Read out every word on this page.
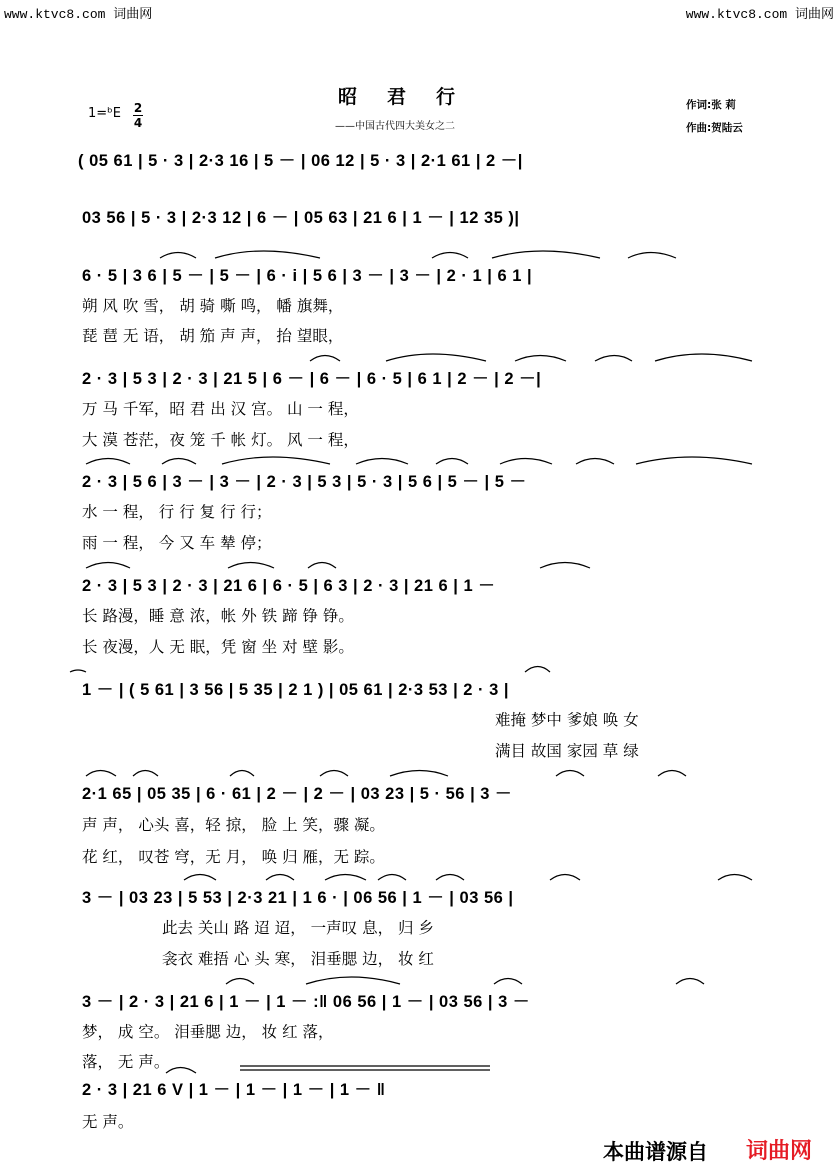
www.ktvc8.com 词曲网	www.ktvc8.com 词曲网
昭君行
——中国古代四大美女之二
作词:张 莉
作曲:贺陆云
1=ᵇE 2
4
( 05 61 | 5 · 3 | 2·3 16 | 5 － | 06 12 | 5 · 3 | 2·1 61 | 2 －|
03 56 | 5 · 3 | 2·3 12 | 6 － | 05 63 | 21 6 | 1 － | 12 35 )|
6 · 5 | 3 6 | 5 － | 5 － | 6 · i | 5 6 | 3 － | 3 － | 2 · 1 | 6 1 |
朔 风 吹 雪， 胡 骑 嘶 鸣， 幡 旗舞，
琵 琶 无 语， 胡 笳 声 声， 抬 望眼，
2 · 3 | 5 3 | 2 · 3 | 21 5 | 6 － | 6 － | 6 · 5 | 6 1 | 2 － | 2 －|
万 马 千军，昭 君 出 汉 宫。 山 一 程，
大 漠 苍茫，夜 笼 千 帐 灯。 风 一 程，
2 · 3 | 5 6 | 3 － | 3 － | 2 · 3 | 5 3 | 5 · 3 | 5 6 | 5 － | 5 －
水 一 程， 行 行 复 行 行；
雨 一 程， 今 又 车 辇 停；
2 · 3 | 5 3 | 2 · 3 | 21 6 | 6 · 5 | 6 3 | 2 · 3 | 21 6 | 1 －
长 路漫，睡 意 浓，帐 外 铁 蹄 铮 铮。
长 夜漫，人 无 眠，凭 窗 坐 对 壁 影。
1 － | ( 5 61 | 3 56 | 5 35 | 2 1 ) | 05 61 | 2·3 53 | 2 · 3 |
难掩 梦中 爹娘 唤 女
满目 故国 家园 草 绿
2·1 65 | 05 35 | 6 · 61 | 2 － | 2 － | 03 23 | 5 · 56 | 3 －
声 声， 心头 喜，轻 掠， 脸 上 笑，骤 凝。
花 红， 叹苍 穹，无 月， 唤 归 雁，无 踪。
3 － | 03 23 | 5 53 | 2·3 21 | 1 6 · | 06 56 | 1 － | 03 56 |
此去 关山 路 迢 迢， 一声叹 息， 归 乡
衾衣 难捂 心 头 寒， 泪垂腮 边， 妆 红
3 － | 2 · 3 | 21 6 | 1 － | 1 － :‖ 06 56 | 1 － | 03 56 | 3 －
梦， 成 空。 泪垂腮 边， 妆 红 落，
落， 无 声。
2 · 3 | 21 6 V | 1 － | 1 － | 1 － | 1 － ‖
无 声。
本曲谱源自 词曲网
